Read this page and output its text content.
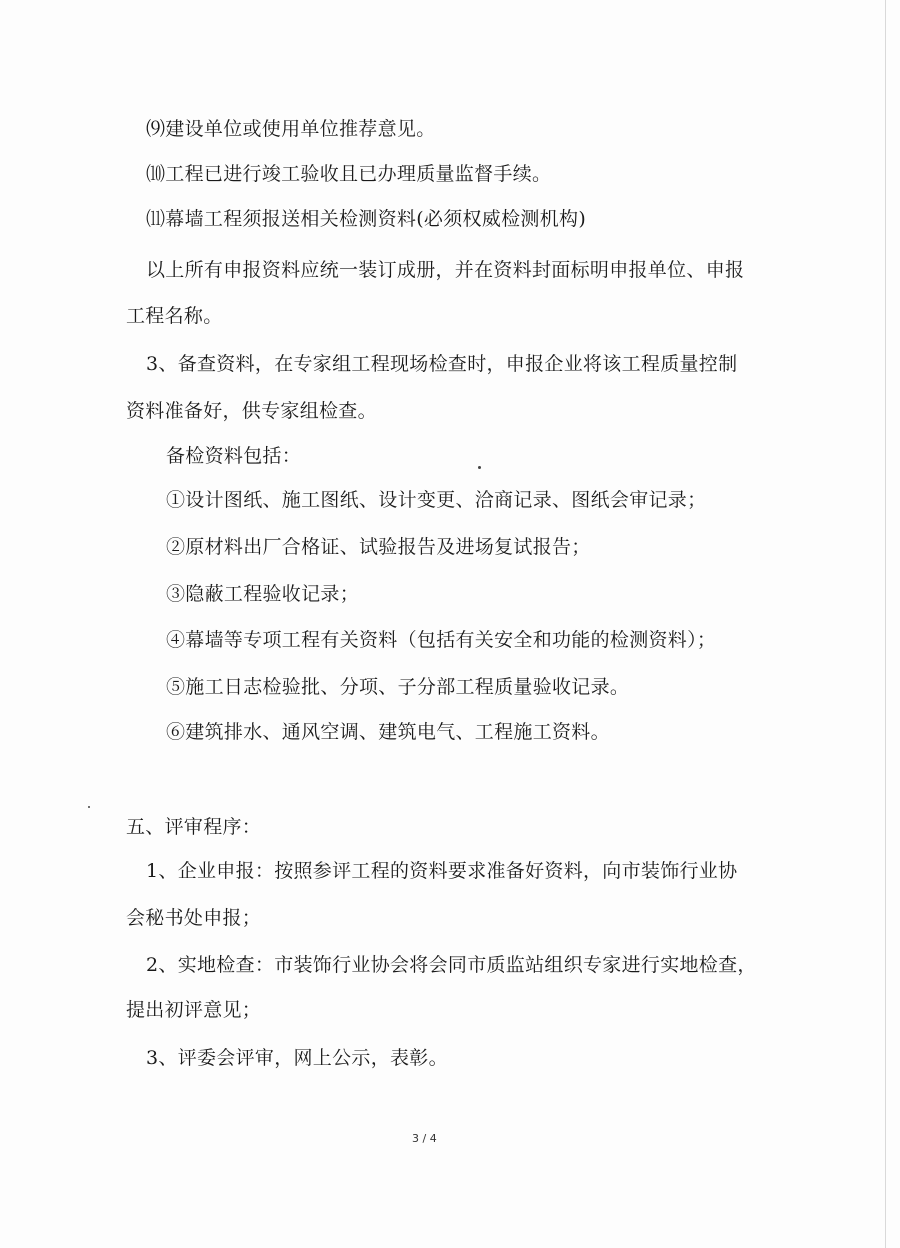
⑼建设单位或使用单位推荐意见。
⑽工程已进行竣工验收且已办理质量监督手续。
⑾幕墙工程须报送相关检测资料(必须权威检测机构)
以上所有申报资料应统一装订成册，并在资料封面标明申报单位、申报
工程名称。
3、备查资料，在专家组工程现场检查时，申报企业将该工程质量控制
资料准备好，供专家组检查。
备检资料包括：
①设计图纸、施工图纸、设计变更、洽商记录、图纸会审记录；
②原材料出厂合格证、试验报告及进场复试报告；
③隐蔽工程验收记录；
④幕墙等专项工程有关资料（包括有关安全和功能的检测资料）；
⑤施工日志检验批、分项、子分部工程质量验收记录。
⑥建筑排水、通风空调、建筑电气、工程施工资料。
五、评审程序：
1、企业申报：按照参评工程的资料要求准备好资料，向市装饰行业协
会秘书处申报；
2、实地检查：市装饰行业协会将会同市质监站组织专家进行实地检查，
提出初评意见；
3、评委会评审，网上公示，表彰。
3 / 4
